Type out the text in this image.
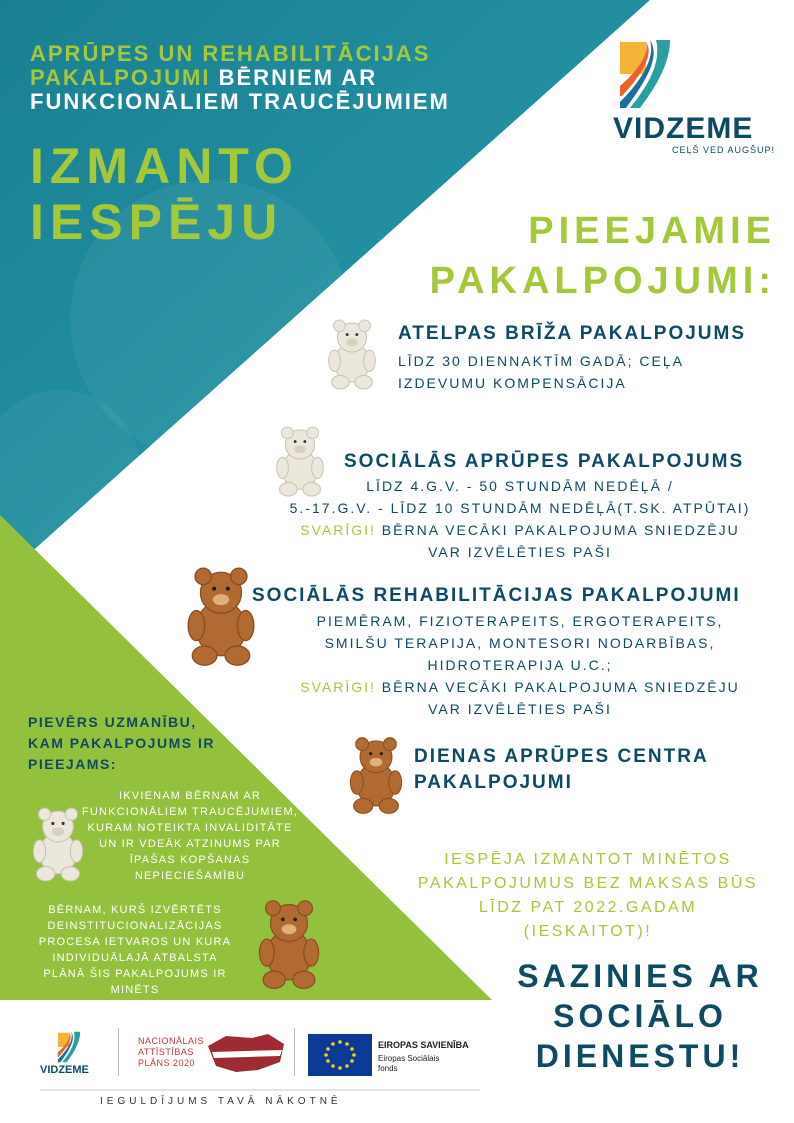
APRŪPES UN REHABILITĀCIJAS
PAKALPOJUMI BĒRNIEM AR
FUNKCIONĀLIEM TRAUCĒJUMIEM
IZMANTO
IESPĒJU
VIDZEME
CEĻŠ VED AUGŠUP!
PIEEJAMIE
PAKALPOJUMI:
ATELPAS BRĪŽA PAKALPOJUMS
LĪDZ 30 DIENNAKTĪM GADĀ; CEĻA
IZDEVUMU KOMPENSĀCIJA
SOCIĀLĀS APRŪPES PAKALPOJUMS
LĪDZ 4.G.V. - 50 STUNDĀM NEDĒĻĀ /
5.-17.G.V. - LĪDZ 10 STUNDĀM NEDĒĻĀ(T.SK. ATPŪTAI)
SVARĪGI! BĒRNA VECĀKI PAKALPOJUMA SNIEDZĒJU
VAR IZVĒLĒTIES PAŠI
SOCIĀLĀS REHABILITĀCIJAS PAKALPOJUMI
PIEMĒRAM, FIZIOTERAPEITS, ERGOTERAPEITS,
SMILŠU TERAPIJA, MONTESORI NODARBĪBAS,
HIDROTERAPIJA U.C.;
SVARĪGI! BĒRNA VECĀKI PAKALPOJUMA SNIEDZĒJU
VAR IZVĒLĒTIES PAŠI
DIENAS APRŪPES CENTRA
PAKALPOJUMI
PIEVĒRS UZMANĪBU,
KAM PAKALPOJUMS IR
PIEEJAMS:
IKVIENAM BĒRNAM AR
FUNKCIONĀLIEM TRAUCĒJUMIEM,
KURAM NOTEIKTA INVALIDITĀTE
UN IR VDEĀK ATZINUMS PAR
ĪPAŠAS KOPŠANAS
NEPIECIEŠAMĪBU
BĒRNAM, KURŠ IZVĒRTĒTS
DEINSTITUCIONALIZĀCIJAS
PROCESA IETVAROS UN KURA
INDIVIDUĀLAJĀ ATBALSTA
PLĀNĀ ŠIS PAKALPOJUMS IR
MINĒTS
IESPĒJA IZMANTOT MINĒTOS
PAKALPOJUMUS BEZ MAKSAS BŪS
LĪDZ PAT 2022.GADAM
(IESKAITOT)!
SAZINIES AR
SOCIĀLO
DIENESTU!
VIDZEME
NACIONĀLAIS
ATTĪSTĪBAS
PLĀNS 2020
EIROPAS SAVIENĪBA
Eiropas Sociālais
fonds
IEGULDĪJUMS TAVĀ NĀKOTNĒ
